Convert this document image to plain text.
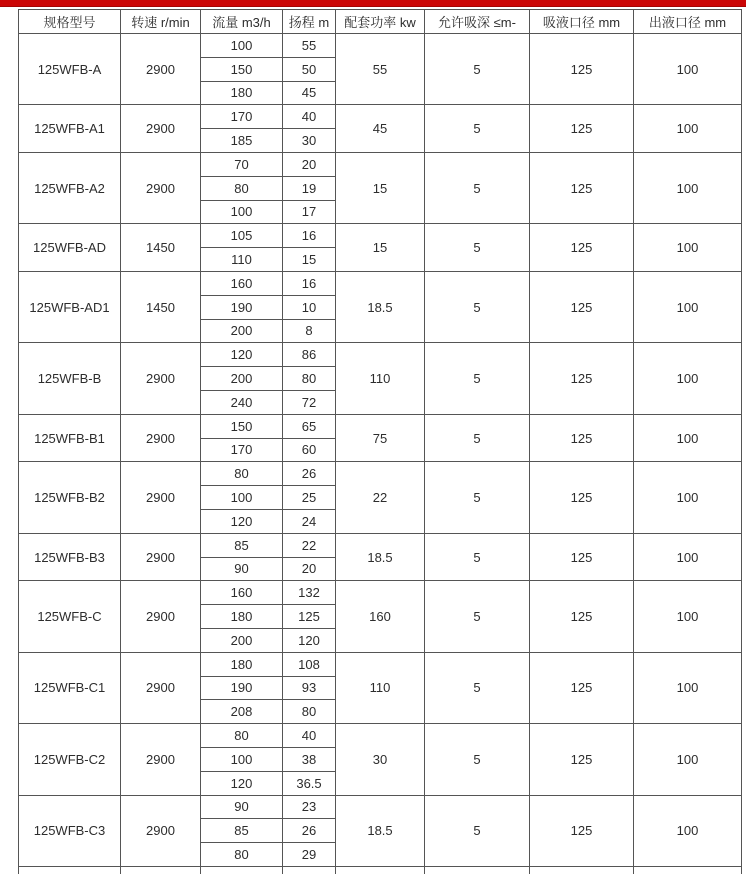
规格型号	转速 r/min	流量 m3/h	扬程 m	配套功率 kw	允许吸深 ≤m-	吸液口径 mm	出液口径 mm
125WFB-A	2900	100	55	55	5	125	100
		150	50				
		180	45				
125WFB-A1	2900	170	40	45	5	125	100
		185	30				
125WFB-A2	2900	70	20	15	5	125	100
		80	19				
		100	17				
125WFB-AD	1450	105	16	15	5	125	100
		110	15				
125WFB-AD1	1450	160	16	18.5	5	125	100
		190	10				
		200	8				
125WFB-B	2900	120	86	110	5	125	100
		200	80				
		240	72				
125WFB-B1	2900	150	65	75	5	125	100
		170	60				
125WFB-B2	2900	80	26	22	5	125	100
		100	25				
		120	24				
125WFB-B3	2900	85	22	18.5	5	125	100
		90	20				
125WFB-C	2900	160	132	160	5	125	100
		180	125				
		200	120				
125WFB-C1	2900	180	108	110	5	125	100
		190	93				
		208	80				
125WFB-C2	2900	80	40	30	5	125	100
		100	38				
		120	36.5				
125WFB-C3	2900	90	23	18.5	5	125	100
		85	26				
		80	29				
